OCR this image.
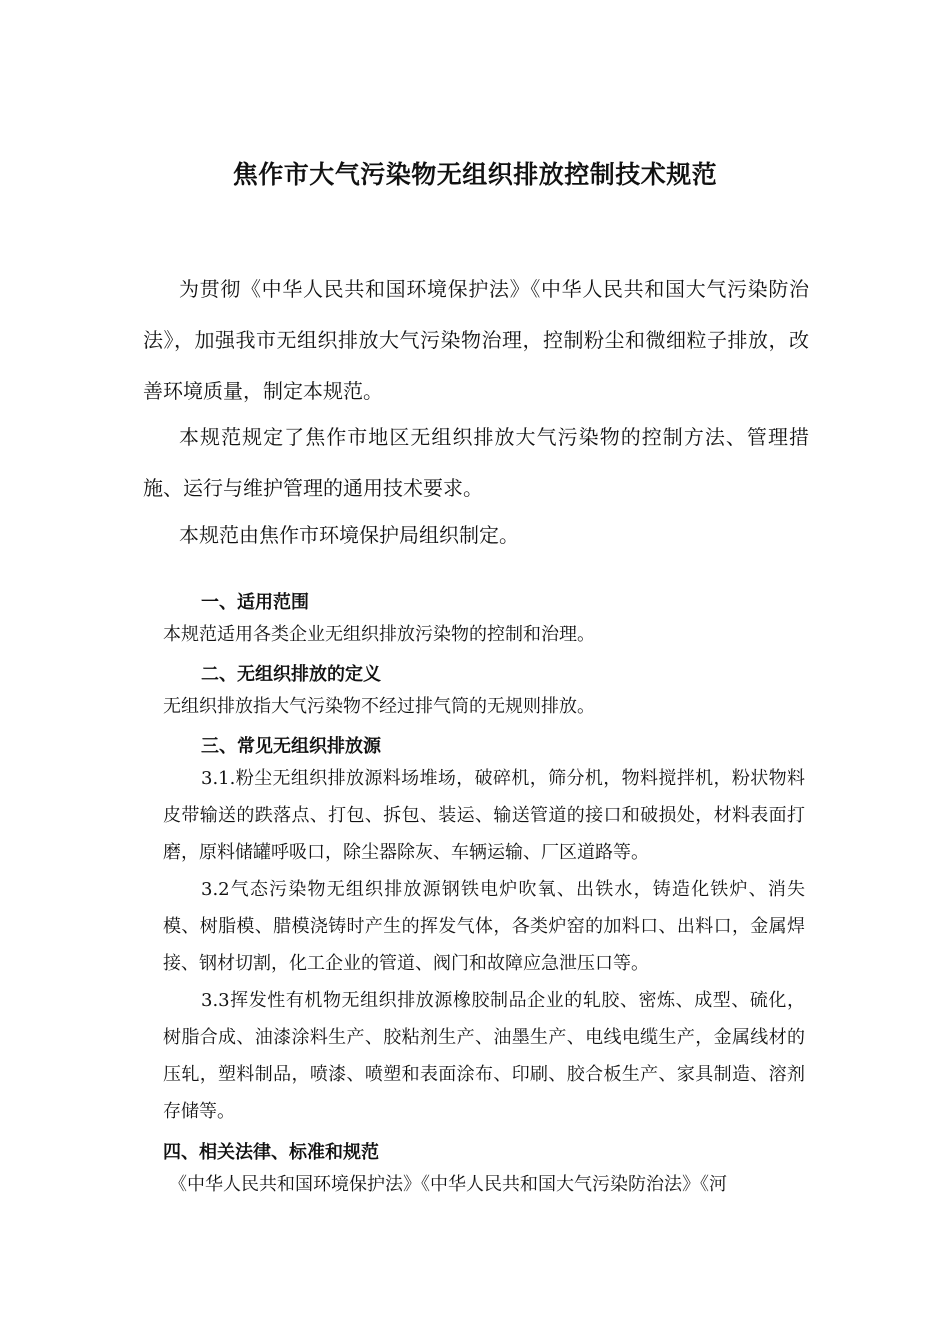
焦作市大气污染物无组织排放控制技术规范

为贯彻《中华人民共和国环境保护法》《中华人民共和国大气污染防治法》，加强我市无组织排放大气污染物治理，控制粉尘和微细粒子排放，改善环境质量，制定本规范。

本规范规定了焦作市地区无组织排放大气污染物的控制方法、管理措施、运行与维护管理的通用技术要求。

本规范由焦作市环境保护局组织制定。

一、适用范围

本规范适用各类企业无组织排放污染物的控制和治理。

二、无组织排放的定义

无组织排放指大气污染物不经过排气筒的无规则排放。

三、常见无组织排放源

3.1.粉尘无组织排放源料场堆场，破碎机，筛分机，物料搅拌机，粉状物料皮带输送的跌落点、打包、拆包、装运、输送管道的接口和破损处，材料表面打磨，原料储罐呼吸口，除尘器除灰、车辆运输、厂区道路等。

3.2气态污染物无组织排放源钢铁电炉吹氧、出铁水，铸造化铁炉、消失模、树脂模、腊模浇铸时产生的挥发气体，各类炉窑的加料口、出料口，金属焊接、钢材切割，化工企业的管道、阀门和故障应急泄压口等。

3.3挥发性有机物无组织排放源橡胶制品企业的轧胶、密炼、成型、硫化，树脂合成、油漆涂料生产、胶粘剂生产、油墨生产、电线电缆生产，金属线材的压轧，塑料制品，喷漆、喷塑和表面涂布、印刷、胶合板生产、家具制造、溶剂存储等。

四、相关法律、标准和规范

《中华人民共和国环境保护法》《中华人民共和国大气污染防治法》《河
